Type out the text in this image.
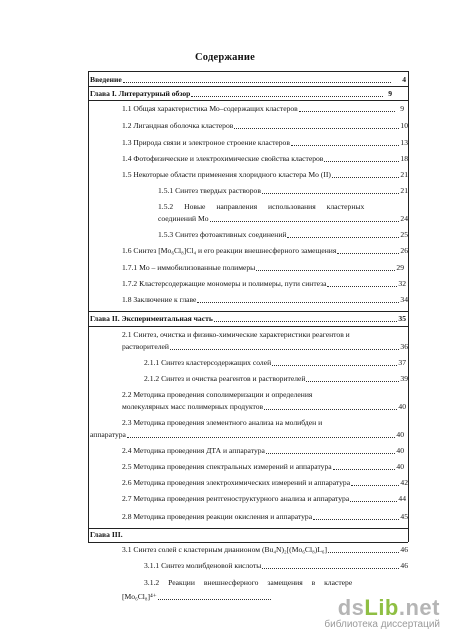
Содержание
Введение	4
Глава I. Литературный обзор	9
1.1 Общая характеристика Мо–содержащих кластеров	9
1.2 Лигандная оболочка кластеров	10
1.3 Природа связи и электроное строение кластеров	13
1.4 Фотофизические и электрохимические свойства кластеров	18
1.5 Некоторые области применения хлоридного кластера Mo (II)	21
1.5.1 Синтез твердых растворов	21
1.5.2 Новые направления использования кластерных
соединений Mo	24
1.5.3 Синтез фотоактивных соединений	25
1.6 Синтез [Mo₆Cl₈]Cl₄ и его реакции внешнесферного замещения	26
1.7.1 Mo – иммобилизованные полимеры	29
1.7.2 Кластерсодержащие мономеры и полимеры, пути синтеза	32
1.8 Заключение к главе	34
Глава II. Экспериментальная часть	35
2.1 Синтез, очистка и физико-химические характеристики реагентов и
растворителей	36
2.1.1 Синтез кластерсодержащих солей	37
2.1.2 Синтез и очистка реагентов и растворителей	39
2.2 Методика проведения сополимеризации и определения
молекулярных масс полимерных продуктов	40
2.3 Методика проведения элементного анализа на молибден и
аппаратура	40
2.4 Методика проведения ДТА и аппаратура	40
2.5 Методика проведения спектральных измерений и аппаратура	40
2.6 Методика проведения электрохимических измерений и аппаратура	42
2.7 Методика проведения рентгеноструктурного анализа и аппаратура	44
2.8 Методика проведения реакции окисления и аппаратура	45
Глава III.
3.1 Синтез солей с кластерным дианионом (Bu₄N)₂[(Mo₆Cl₈)L₆]	46
3.1.1 Синтез молибденовой кислоты	46
3.1.2 Реакции внешнесферного замещения в кластере
[Mo₆Cl₈]⁴⁺	dsLib.net
библиотека диссертаций
